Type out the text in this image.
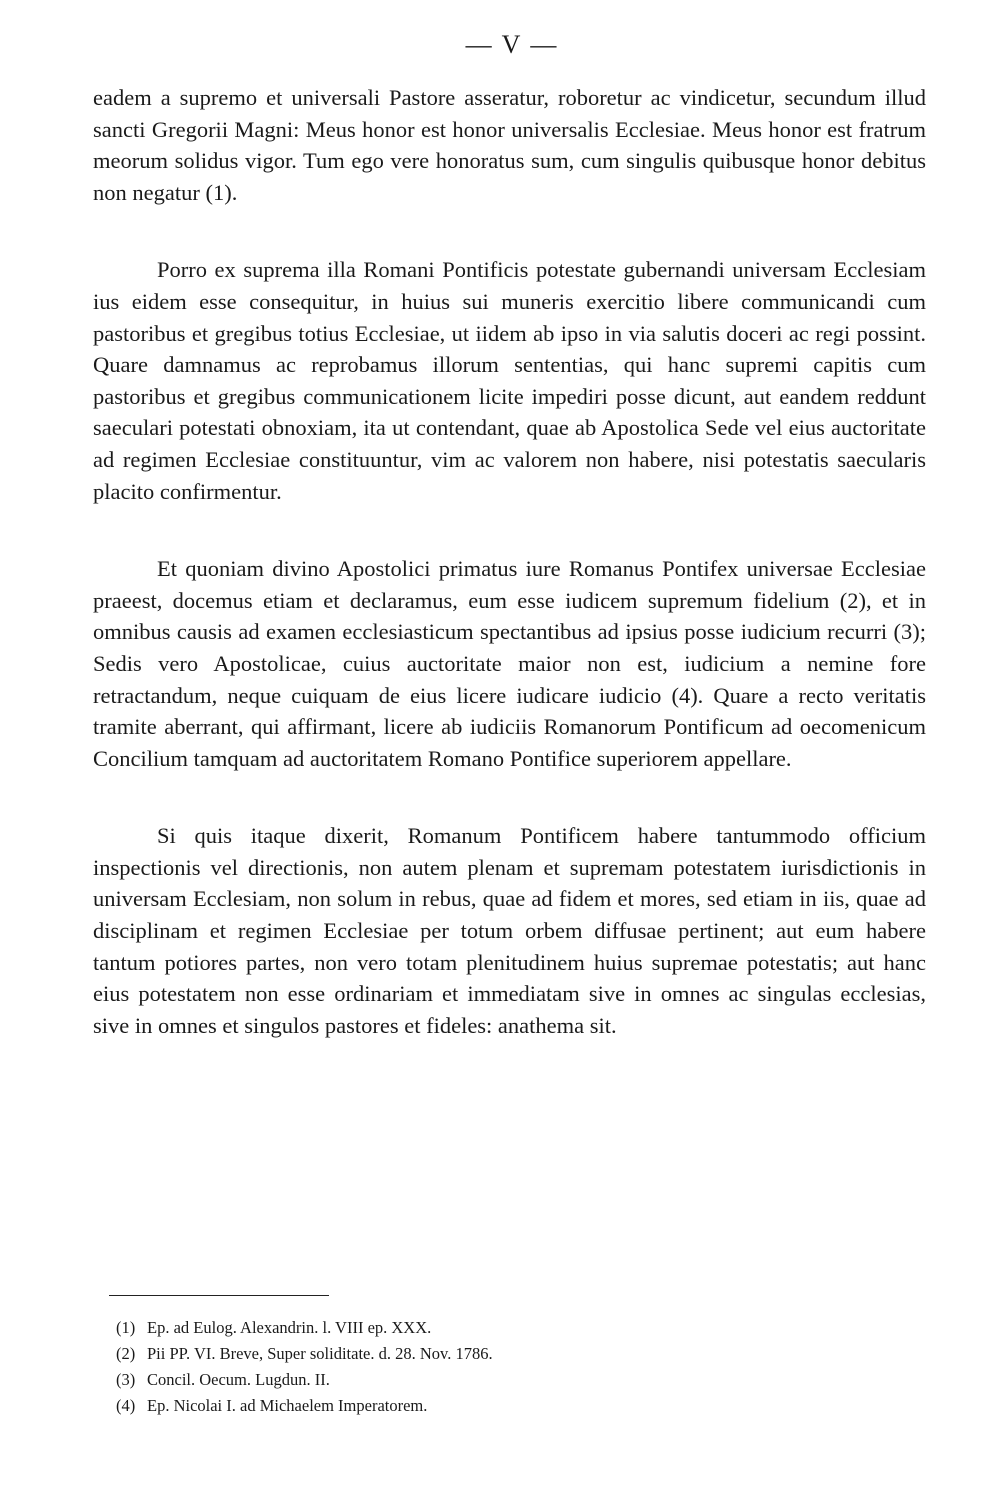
— V —

eadem a supremo et universali Pastore asseratur, roboretur ac vindicetur, secundum illud sancti Gregorii Magni: Meus honor est honor universalis Ecclesiae. Meus honor est fratrum meorum solidus vigor. Tum ego vere honoratus sum, cum singulis quibusque honor debitus non negatur (1).

Porro ex suprema illa Romani Pontificis potestate gubernandi universam Ecclesiam ius eidem esse consequitur, in huius sui muneris exercitio libere communicandi cum pastoribus et gregibus totius Ecclesiae, ut iidem ab ipso in via salutis doceri ac regi possint. Quare damnamus ac reprobamus illorum sententias, qui hanc supremi capitis cum pastoribus et gregibus communicationem licite impediri posse dicunt, aut eandem reddunt saeculari potestati obnoxiam, ita ut contendant, quae ab Apostolica Sede vel eius auctoritate ad regimen Ecclesiae constituuntur, vim ac valorem non habere, nisi potestatis saecularis placito confirmentur.

Et quoniam divino Apostolici primatus iure Romanus Pontifex universae Ecclesiae praeest, docemus etiam et declaramus, eum esse iudicem supremum fidelium (2), et in omnibus causis ad examen ecclesiasticum spectantibus ad ipsius posse iudicium recurri (3); Sedis vero Apostolicae, cuius auctoritate maior non est, iudicium a nemine fore retractandum, neque cuiquam de eius licere iudicare iudicio (4). Quare a recto veritatis tramite aberrant, qui affirmant, licere ab iudiciis Romanorum Pontificum ad oecomenicum Concilium tamquam ad auctoritatem Romano Pontifice superiorem appellare.

Si quis itaque dixerit, Romanum Pontificem habere tantummodo officium inspectionis vel directionis, non autem plenam et supremam potestatem iurisdictionis in universam Ecclesiam, non solum in rebus, quae ad fidem et mores, sed etiam in iis, quae ad disciplinam et regimen Ecclesiae per totum orbem diffusae pertinent; aut eum habere tantum potiores partes, non vero totam plenitudinem huius supremae potestatis; aut hanc eius potestatem non esse ordinariam et immediatam sive in omnes ac singulas ecclesias, sive in omnes et singulos pastores et fideles: anathema sit.

(1) Ep. ad Eulog. Alexandrin. l. VIII ep. XXX.

(2) Pii PP. VI. Breve, Super soliditate. d. 28. Nov. 1786.

(3) Concil. Oecum. Lugdun. II.

(4) Ep. Nicolai I. ad Michaelem Imperatorem.
